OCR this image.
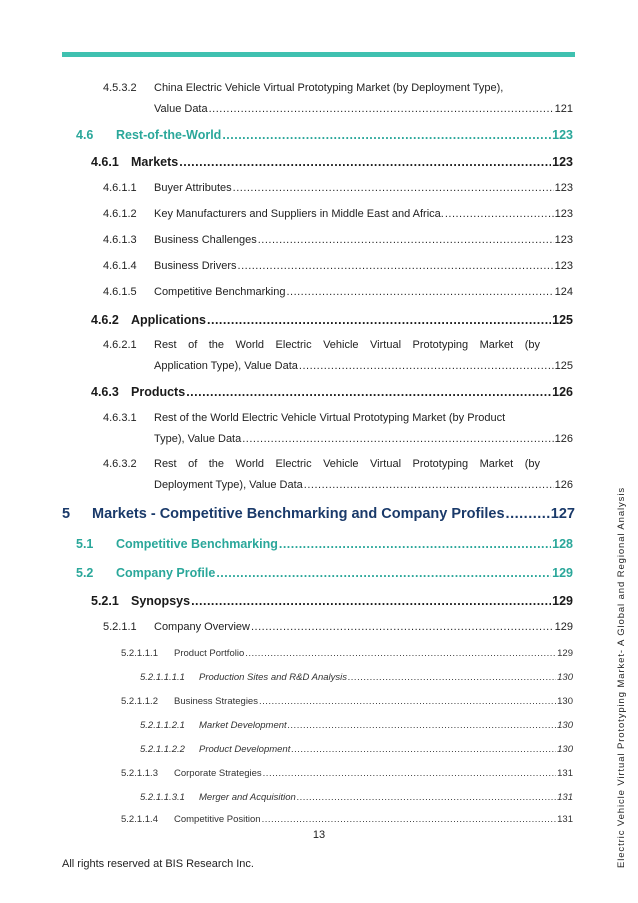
Electric Vehicle Virtual Prototyping Market- A Global and Regional Analysis
4.5.3.2 China Electric Vehicle Virtual Prototyping Market (by Deployment Type),
Value Data .....	121
4.6 Rest-of-the-World .....	123
4.6.1 Markets .....	123
4.6.1.1 Buyer Attributes .....	123
4.6.1.2 Key Manufacturers and Suppliers in Middle East and Africa. .....	123
4.6.1.3 Business Challenges .....	123
4.6.1.4 Business Drivers .....	123
4.6.1.5 Competitive Benchmarking .....	124
4.6.2 Applications .....	125
4.6.2.1 Rest of the World Electric Vehicle Virtual Prototyping Market (by
Application Type), Value Data .....	125
4.6.3 Products .....	126
4.6.3.1 Rest of the World Electric Vehicle Virtual Prototyping Market (by Product
Type), Value Data .....	126
4.6.3.2 Rest of the World Electric Vehicle Virtual Prototyping Market (by
Deployment Type), Value Data .....	126
5 Markets - Competitive Benchmarking and Company Profiles .....	127
5.1 Competitive Benchmarking .....	128
5.2 Company Profile .....	129
5.2.1 Synopsys .....	129
5.2.1.1 Company Overview .....	129
5.2.1.1.1 Product Portfolio .....	129
5.2.1.1.1.1 Production Sites and R&D Analysis .....	130
5.2.1.1.2 Business Strategies .....	130
5.2.1.1.2.1 Market Development .....	130
5.2.1.1.2.2 Product Development .....	130
5.2.1.1.3 Corporate Strategies .....	131
5.2.1.1.3.1 Merger and Acquisition .....	131
5.2.1.1.4 Competitive Position .....	131
13
All rights reserved at BIS Research Inc.
